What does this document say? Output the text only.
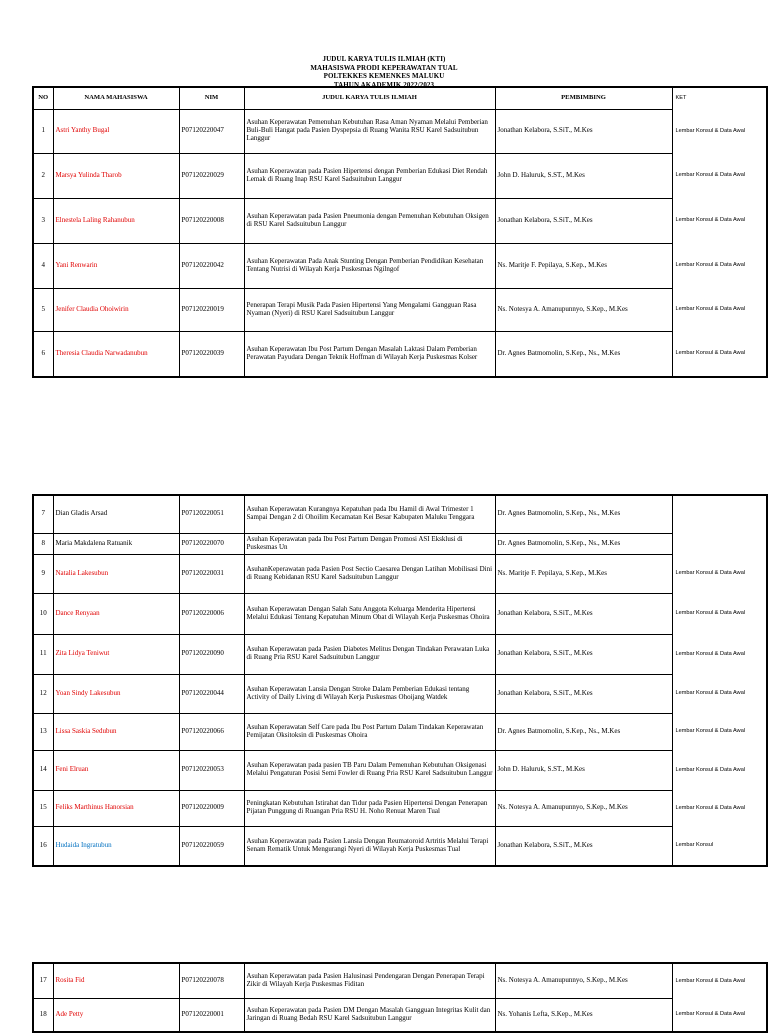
JUDUL KARYA TULIS ILMIAH (KTI)
MAHASISWA PRODI KEPERAWATAN TUAL
POLTEKKES KEMENKES MALUKU
TAHUN AKADEMIK 2022/2023
NO	NAMA MAHASISWA	NIM	JUDUL KARYA TULIS ILMIAH	PEMBIMBING	KET
1	Astri Yanthy Bugal	P07120220047	Asuhan Keperawatan Pemenuhan Kebutuhan Rasa Aman Nyaman Melalui Pemberian Buli-Buli Hangat pada Pasien Dyspepsia di Ruang Wanita RSU Karel Sadsuitubun Langgur	Jonathan Kelabora, S.SiT., M.Kes	Lembar Konsul & Data Awal
2	Marsya Yulinda Tharob	P07120220029	Asuhan Keperawatan pada Pasien Hipertensi dengan Pemberian Edukasi Diet Rendah Lemak di Ruang Inap RSU Karel Sadsuitubun Langgur	John D. Haluruk, S.ST., M.Kes	Lembar Konsul & Data Awal
3	Elnestela Laling Rahanubun	P07120220008	Asuhan Keperawatan pada Pasien Pneumonia dengan Pemenuhan Kebutuhan Oksigen di RSU Karel Sadsuitubun Langgur	Jonathan Kelabora, S.SiT., M.Kes	Lembar Konsul & Data Awal
4	Yani Renwarin	P07120220042	Asuhan Keperawatan Pada Anak Stunting Dengan Pemberian Pendidikan Kesehatan Tentang Nutrisi di Wilayah Kerja Puskesmas Ngilngof	Ns. Maritje F. Pepilaya, S.Kep., M.Kes	Lembar Konsul & Data Awal
5	Jenifer Claudia Ohoiwirin	P07120220019	Penerapan Terapi Musik Pada Pasien Hipertensi Yang Mengalami Gangguan Rasa Nyaman (Nyeri) di RSU Karel Sadsuitubun Langgur	Ns. Notesya A. Amanupunnyo, S.Kep., M.Kes	Lembar Konsul & Data Awal
6	Theresia Claudia Narwadanubun	P07120220039	Asuhan Keperawatan Ibu Post Partum Dengan Masalah Laktasi Dalam Pemberian Perawatan Payudara Dengan Teknik Hoffman di Wilayah Kerja Puskesmas Kolser	Dr. Agnes Batmomolin, S.Kep., Ns., M.Kes	Lembar Konsul & Data Awal
7	Dian Gladis Arsad	P07120220051	Asuhan Keperawatan Kurangnya Kepatuhan pada Ibu Hamil di Awal Trimester 1 Sampai Dengan 2 di Ohoilim Kecamatan Kei Besar Kabupaten Maluku Tenggara	Dr. Agnes Batmomolin, S.Kep., Ns., M.Kes	
8	Maria Makdalena Ratuanik	P07120220070	Asuhan Keperawatan pada Ibu Post Partum Dengan Promosi ASI Eksklusi di Puskesmas Un	Dr. Agnes Batmomolin, S.Kep., Ns., M.Kes	
9	Natalia Lakesubun	P07120220031	AsuhanKeperawatan pada Pasien Post Sectio Caesarea Dengan Latihan Mobilisasi Dini di Ruang Kebidanan RSU Karel Sadsuitubun Langgur	Ns. Maritje F. Pepilaya, S.Kep., M.Kes	Lembar Konsul & Data Awal
10	Dance Renyaan	P07120220006	Asuhan Keperawatan Dengan Salah Satu Anggota Keluarga Menderita Hipertensi Melalui Edukasi Tentang Kepatuhan Minum Obat di Wilayah Kerja Puskesmas Ohoira	Jonathan Kelabora, S.SiT., M.Kes	Lembar Konsul & Data Awal
11	Zita Lidya Teniwut	P07120220090	Asuhan Keperawatan pada Pasien Diabetes Melitus Dengan Tindakan Perawatan Luka di Ruang Pria RSU Karel Sadsuitubun Langgur	Jonathan Kelabora, S.SiT., M.Kes	Lembar Konsul & Data Awal
12	Yoan Sindy Lakesubun	P07120220044	Asuhan Keperawatan Lansia Dengan Stroke Dalam Pemberian Edukasi tentang Activity of Daily Living di Wilayah Kerja Puskesmas Ohoijang Watdek	Jonathan Kelabora, S.SiT., M.Kes	Lembar Konsul & Data Awal
13	Lissa Saskia Sedubun	P07120220066	Asuhan Keperawatan Self Care pada Ibu Post Partum Dalam Tindakan Keperawatan Pemijatan Oksitoksin di Puskesmas Ohoira	Dr. Agnes Batmomolin, S.Kep., Ns., M.Kes	Lembar Konsul & Data Awal
14	Feni Elruan	P07120220053	Asuhan Keperawatan pada pasien TB Paru Dalam Pemenuhan Kebutuhan Oksigenasi Melalui Pengaturan Posisi Semi Fowler di Ruang Pria RSU Karel Sadsuitubun Langgur	John D. Haluruk, S.ST., M.Kes	Lembar Konsul & Data Awal
15	Feliks Marthinus Hanorsian	P07120220009	Peningkatan Kebutuhan Istirahat dan Tidur pada Pasien Hipertensi Dengan Penerapan Pijatan Punggung di Ruangan Pria RSU H. Noho Renuat Maren Tual	Ns. Notesya A. Amanupunnyo, S.Kep., M.Kes	Lembar Konsul & Data Awal
16	Hudaida Ingratubun	P07120220059	Asuhan Keperawatan pada Pasien Lansia Dengan Reumatoroid Artritis Melalui Terapi Senam Rematik Untuk Mengurangi Nyeri di Wilayah Kerja Puskesmas Tual	Jonathan Kelabora, S.SiT., M.Kes	Lembar Konsul
17	Rosita Fid	P07120220078	Asuhan Keperawatan pada Pasien Halusinasi Pendengaran Dengan Penerapan Terapi Zikir di Wilayah Kerja Puskesmas Fiditan	Ns. Notesya A. Amanupunnyo, S.Kep., M.Kes	Lembar Konsul & Data Awal
18	Ade Petty	P07120220001	Asuhan Keperawatan pada Pasien DM Dengan Masalah Gangguan Integritas Kulit dan Jaringan di Ruang Bedah RSU Karel Sadsuitubun Langgur	Ns. Yohanis Lefta, S.Kep., M.Kes	Lembar Konsul & Data Awal
